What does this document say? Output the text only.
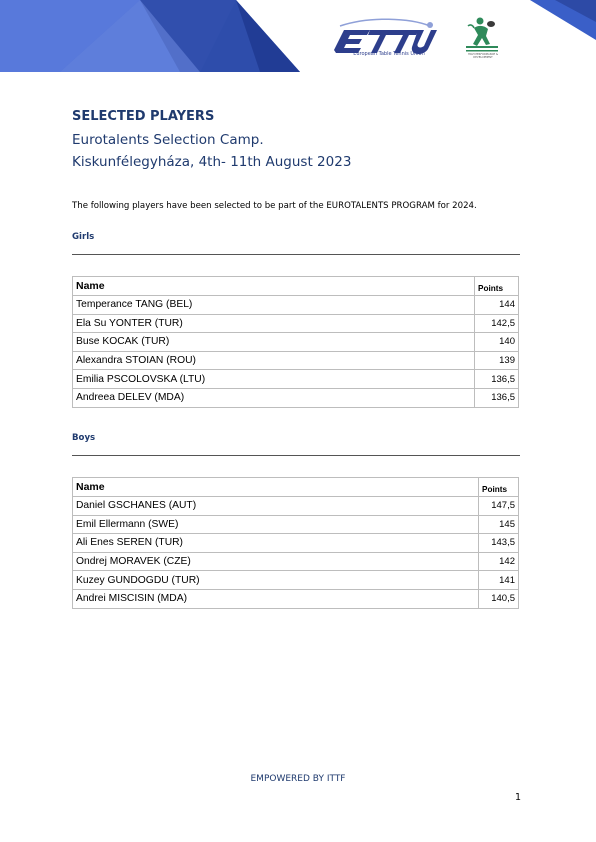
European Table Tennis Union	HIGH PERFORMANCE & DEVELOPMENT
SELECTED PLAYERS
Eurotalents Selection Camp.
Kiskunfélegyháza, 4th- 11th August 2023
The following players have been selected to be part of the EUROTALENTS PROGRAM for 2024.
Girls
Name	Points
Temperance TANG (BEL)	144
Ela Su YONTER (TUR)	142,5
Buse KOCAK (TUR)	140
Alexandra STOIAN (ROU)	139
Emilia PSCOLOVSKA (LTU)	136,5
Andreea DELEV (MDA)	136,5
Boys
Name	Points
Daniel GSCHANES (AUT)	147,5
Emil Ellermann (SWE)	145
Ali Enes SEREN (TUR)	143,5
Ondrej MORAVEK (CZE)	142
Kuzey GUNDOGDU (TUR)	141
Andrei MISCISIN (MDA)	140,5
EMPOWERED BY ITTF
1
